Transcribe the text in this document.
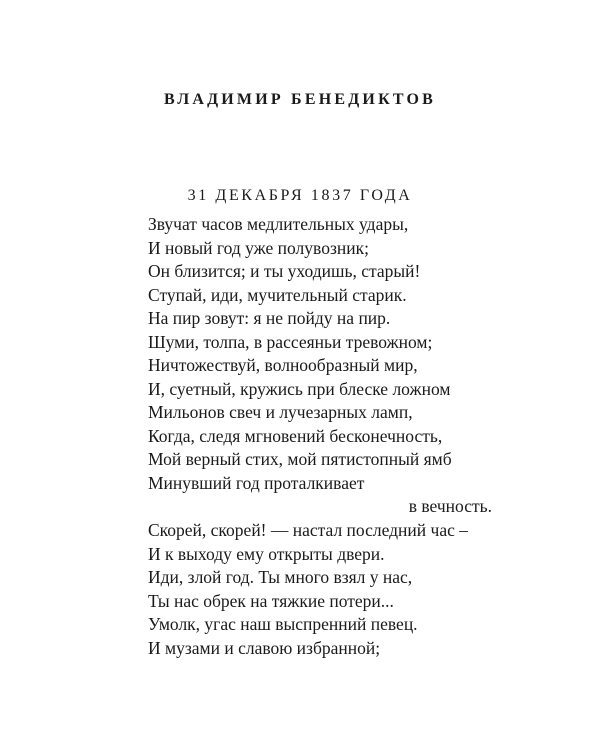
ВЛАДИМИР БЕНЕДИКТОВ
31 ДЕКАБРЯ 1837 ГОДА
Звучат часов медлительных удары,
И новый год уже полувозник;
Он близится; и ты уходишь, старый!
Ступай, иди, мучительный старик.
На пир зовут: я не пойду на пир.
Шуми, толпа, в рассеяньи тревожном;
Ничтожествуй, волнообразный мир,
И, суетный, кружись при блеске ложном
Мильонов свеч и лучезарных ламп,
Когда, следя мгновений бесконечность,
Мой верный стих, мой пятистопный ямб
Минувший год проталкивает
в вечность.
Скорей, скорей! — настал последний час –
И к выходу ему открыты двери.
Иди, злой год. Ты много взял у нас,
Ты нас обрек на тяжкие потери...
Умолк, угас наш выспренний певец.
И музами и славою избранной;
